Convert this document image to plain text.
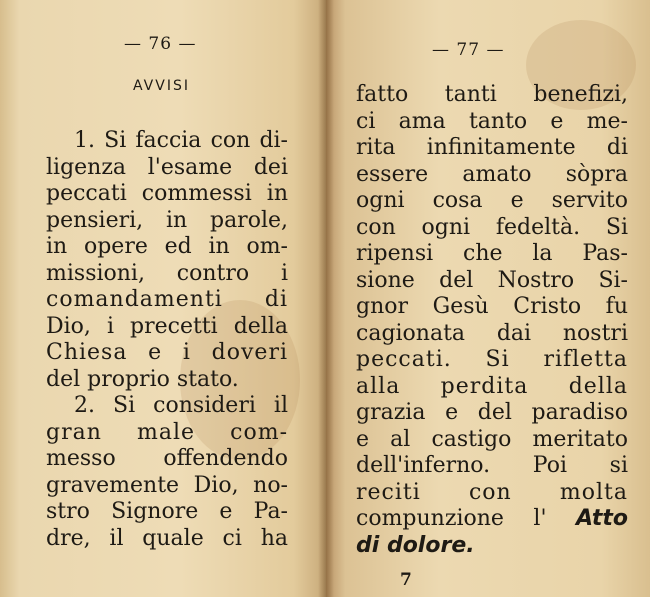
— 76 —
AVVISI
1. Si faccia con di-
ligenza l'esame dei
peccati commessi in
pensieri, in parole,
in opere ed in om-
missioni, contro i
comandamenti di
Dio, i precetti della
Chiesa e i doveri
del proprio stato.
2. Si consideri il
gran male com-
messo offendendo
gravemente Dio, no-
stro Signore e Pa-
dre, il quale ci ha
— 77 —
fatto tanti benefizi,
ci ama tanto e me-
rita infinitamente di
essere amato sòpra
ogni cosa e servito
con ogni fedeltà. Si
ripensi che la Pas-
sione del Nostro Si-
gnor Gesù Cristo fu
cagionata dai nostri
peccati. Si rifletta
alla perdita della
grazia e del paradiso
e al castigo meritato
dell'inferno. Poi si
reciti con molta
compunzione l' Atto
di dolore.
7
